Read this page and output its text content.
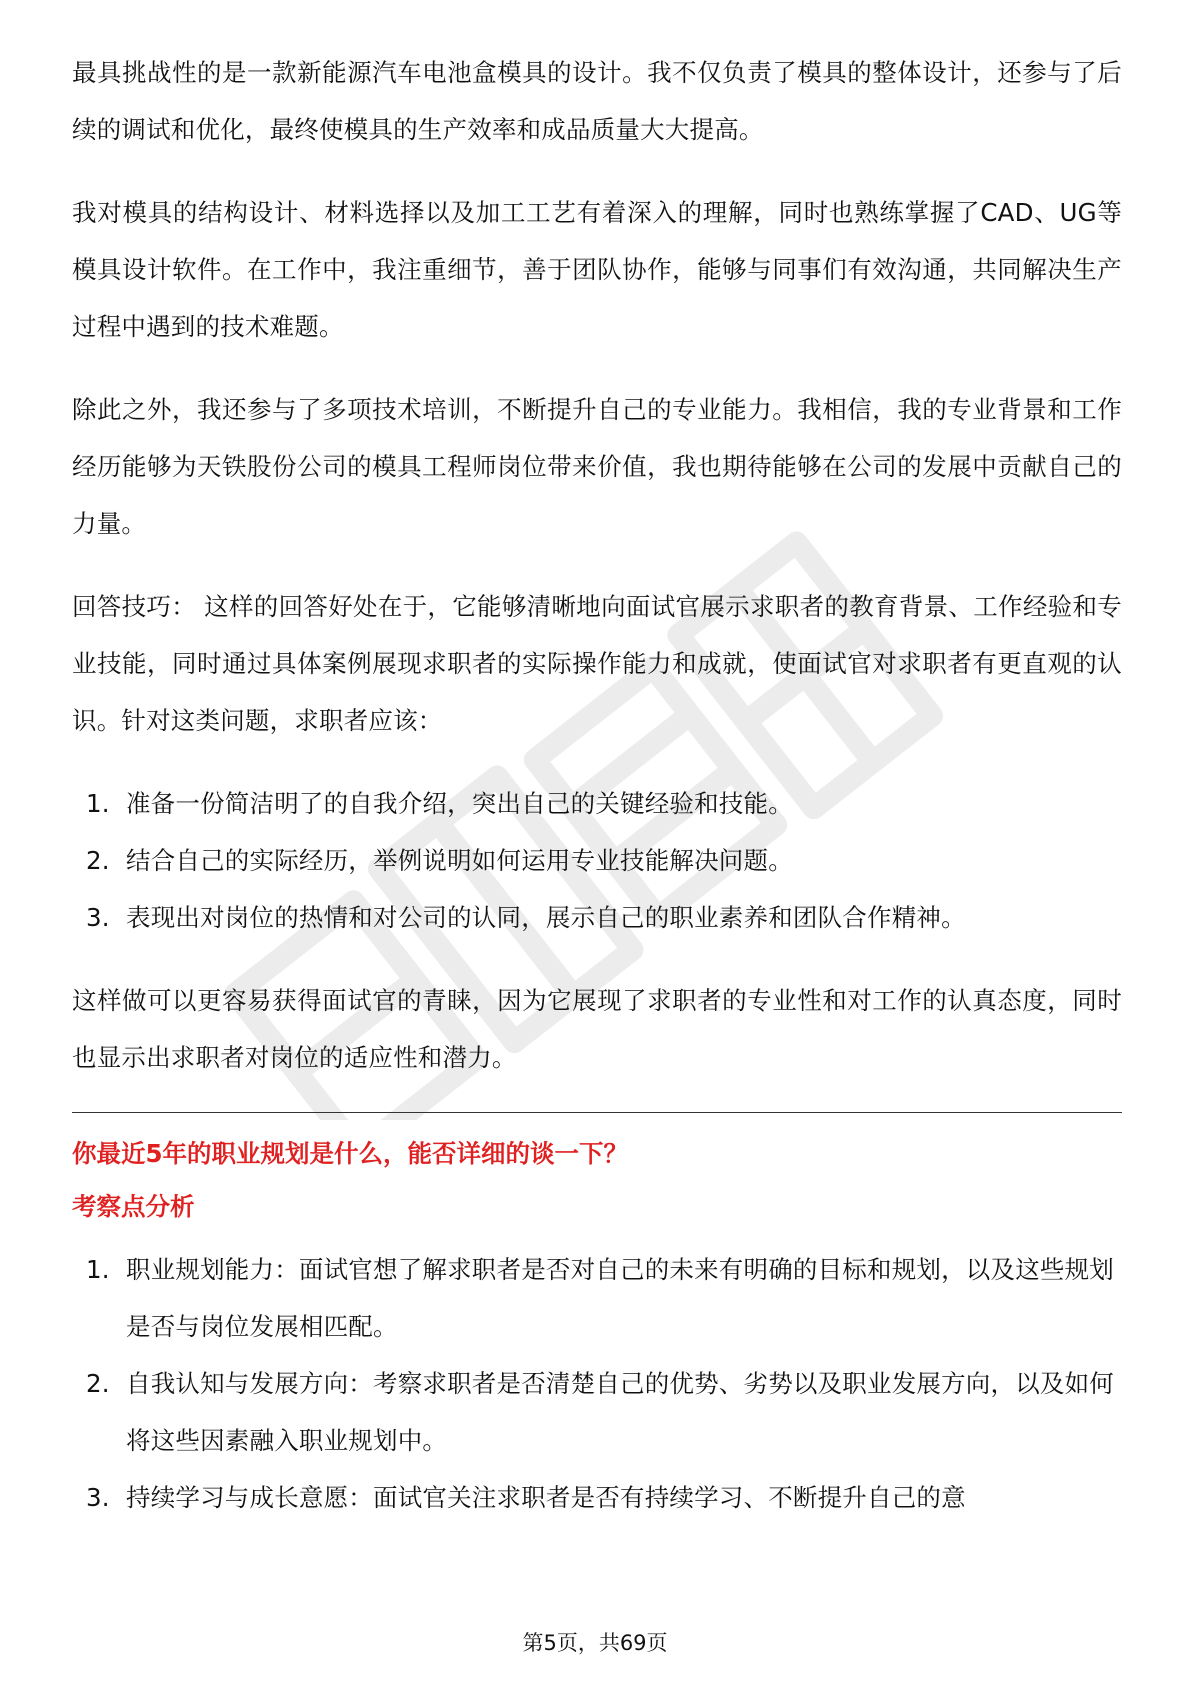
最具挑战性的是一款新能源汽车电池盒模具的设计。我不仅负责了模具的整体设计，还参与了后续的调试和优化，最终使模具的生产效率和成品质量大大提高。

我对模具的结构设计、材料选择以及加工工艺有着深入的理解，同时也熟练掌握了CAD、UG等模具设计软件。在工作中，我注重细节，善于团队协作，能够与同事们有效沟通，共同解决生产过程中遇到的技术难题。

除此之外，我还参与了多项技术培训，不断提升自己的专业能力。我相信，我的专业背景和工作经历能够为天铁股份公司的模具工程师岗位带来价值，我也期待能够在公司的发展中贡献自己的力量。

回答技巧： 这样的回答好处在于，它能够清晰地向面试官展示求职者的教育背景、工作经验和专业技能，同时通过具体案例展现求职者的实际操作能力和成就，使面试官对求职者有更直观的认识。针对这类问题，求职者应该：

1. 准备一份简洁明了的自我介绍，突出自己的关键经验和技能。
2. 结合自己的实际经历，举例说明如何运用专业技能解决问题。
3. 表现出对岗位的热情和对公司的认同，展示自己的职业素养和团队合作精神。

这样做可以更容易获得面试官的青睐，因为它展现了求职者的专业性和对工作的认真态度，同时也显示出求职者对岗位的适应性和潜力。

你最近5年的职业规划是什么，能否详细的谈一下？
考察点分析
1. 职业规划能力：面试官想了解求职者是否对自己的未来有明确的目标和规划，以及这些规划是否与岗位发展相匹配。
2. 自我认知与发展方向：考察求职者是否清楚自己的优势、劣势以及职业发展方向，以及如何将这些因素融入职业规划中。
3. 持续学习与成长意愿：面试官关注求职者是否有持续学习、不断提升自己的意
第5页，共69页
